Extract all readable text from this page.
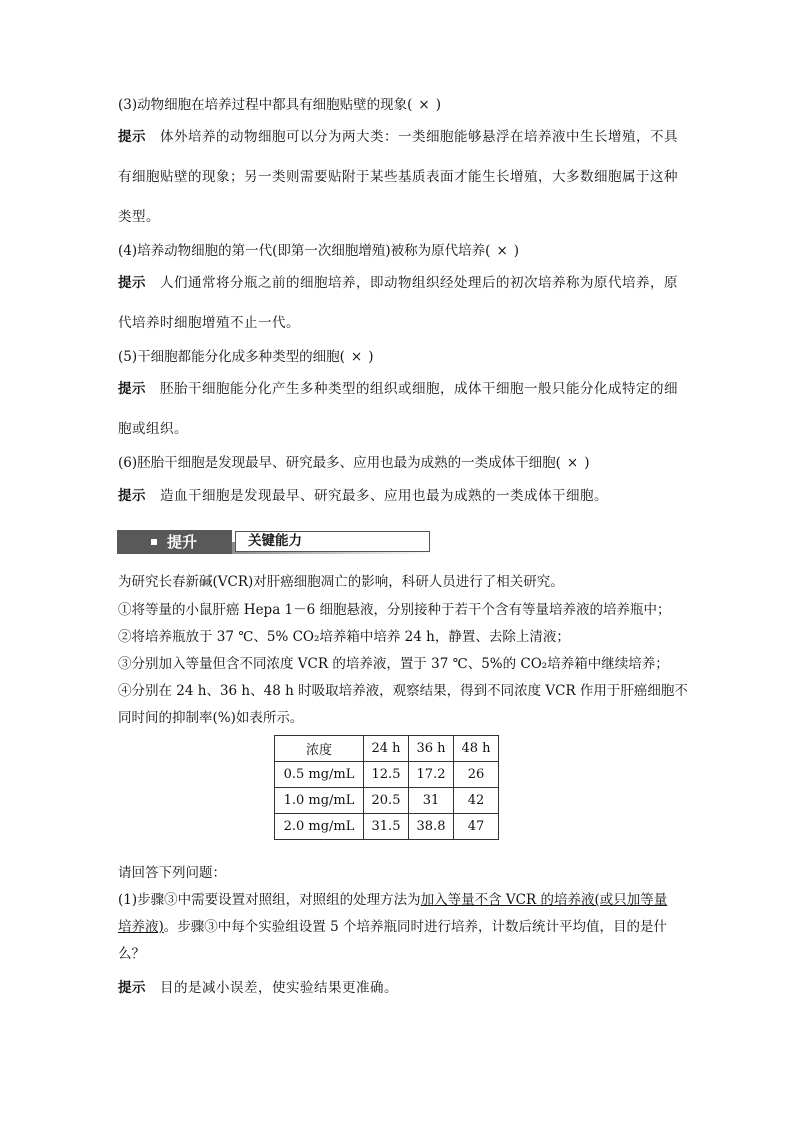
(3)动物细胞在培养过程中都具有细胞贴壁的现象( × )
提示 体外培养的动物细胞可以分为两大类：一类细胞能够悬浮在培养液中生长增殖，不具
有细胞贴壁的现象；另一类则需要贴附于某些基质表面才能生长增殖，大多数细胞属于这种
类型。
(4)培养动物细胞的第一代(即第一次细胞增殖)被称为原代培养( × )
提示 人们通常将分瓶之前的细胞培养，即动物组织经处理后的初次培养称为原代培养，原
代培养时细胞增殖不止一代。
(5)干细胞都能分化成多种类型的细胞( × )
提示 胚胎干细胞能分化产生多种类型的组织或细胞，成体干细胞一般只能分化成特定的细
胞或组织。
(6)胚胎干细胞是发现最早、研究最多、应用也最为成熟的一类成体干细胞( × )
提示 造血干细胞是发现最早、研究最多、应用也最为成熟的一类成体干细胞。
提升	关键能力
为研究长春新碱(VCR)对肝癌细胞凋亡的影响，科研人员进行了相关研究。
①将等量的小鼠肝癌 Hepa 1－6 细胞悬液，分别接种于若干个含有等量培养液的培养瓶中；
②将培养瓶放于 37 ℃、5% CO₂培养箱中培养 24 h，静置、去除上清液；
③分别加入等量但含不同浓度 VCR 的培养液，置于 37 ℃、5%的 CO₂培养箱中继续培养；
④分别在 24 h、36 h、48 h 时吸取培养液，观察结果，得到不同浓度 VCR 作用于肝癌细胞不
同时间的抑制率(%)如表所示。
浓度	24 h	36 h	48 h
0.5 mg/mL	12.5	17.2	26
1.0 mg/mL	20.5	31	42
2.0 mg/mL	31.5	38.8	47
请回答下列问题：
(1)步骤③中需要设置对照组，对照组的处理方法为加入等量不含 VCR 的培养液(或只加等量
培养液)。步骤③中每个实验组设置 5 个培养瓶同时进行培养，计数后统计平均值，目的是什
么？
提示 目的是减小误差，使实验结果更准确。
